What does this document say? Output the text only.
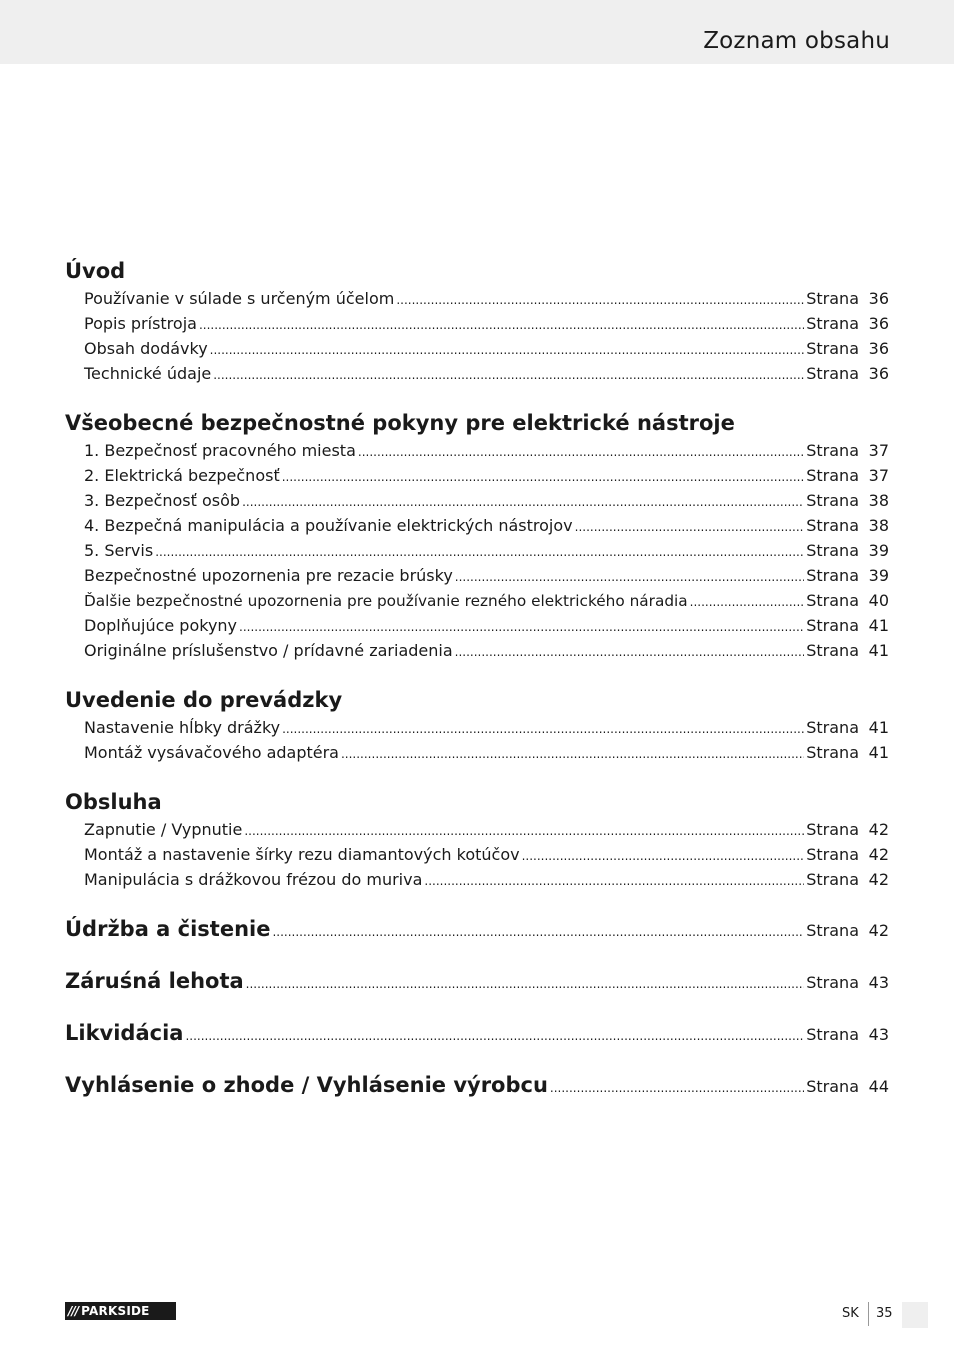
Zoznam obsahu
Úvod
Používanie v súlade s určeným účelom .....	Strana 36
Popis prístroja .....	Strana 36
Obsah dodávky .....	Strana 36
Technické údaje .....	Strana 36
Všeobecné bezpečnostné pokyny pre elektrické nástroje
1. Bezpečnosť pracovného miesta .....	Strana 37
2. Elektrická bezpečnosť .....	Strana 37
3. Bezpečnosť osôb .....	Strana 38
4. Bezpečná manipulácia a používanie elektrických nástrojov .....	Strana 38
5. Servis .....	Strana 39
Bezpečnostné upozornenia pre rezacie brúsky .....	Strana 39
Ďalšie bezpečnostné upozornenia pre používanie rezného elektrického náradia .....	Strana 40
Doplňujúce pokyny .....	Strana 41
Originálne príslušenstvo / prídavné zariadenia .....	Strana 41
Uvedenie do prevádzky
Nastavenie hĺbky drážky .....	Strana 41
Montáž vysávačového adaptéra .....	Strana 41
Obsluha
Zapnutie / Vypnutie .....	Strana 42
Montáž a nastavenie šírky rezu diamantových kotúčov .....	Strana 42
Manipulácia s drážkovou frézou do muriva .....	Strana 42
Údržba a čistenie .....	Strana 42
Záruśná lehota .....	Strana 43
Likvidácia .....	Strana 43
Vyhlásenie o zhode / Vyhlásenie výrobcu .....	Strana 44
/// PARKSIDE	SK 35
